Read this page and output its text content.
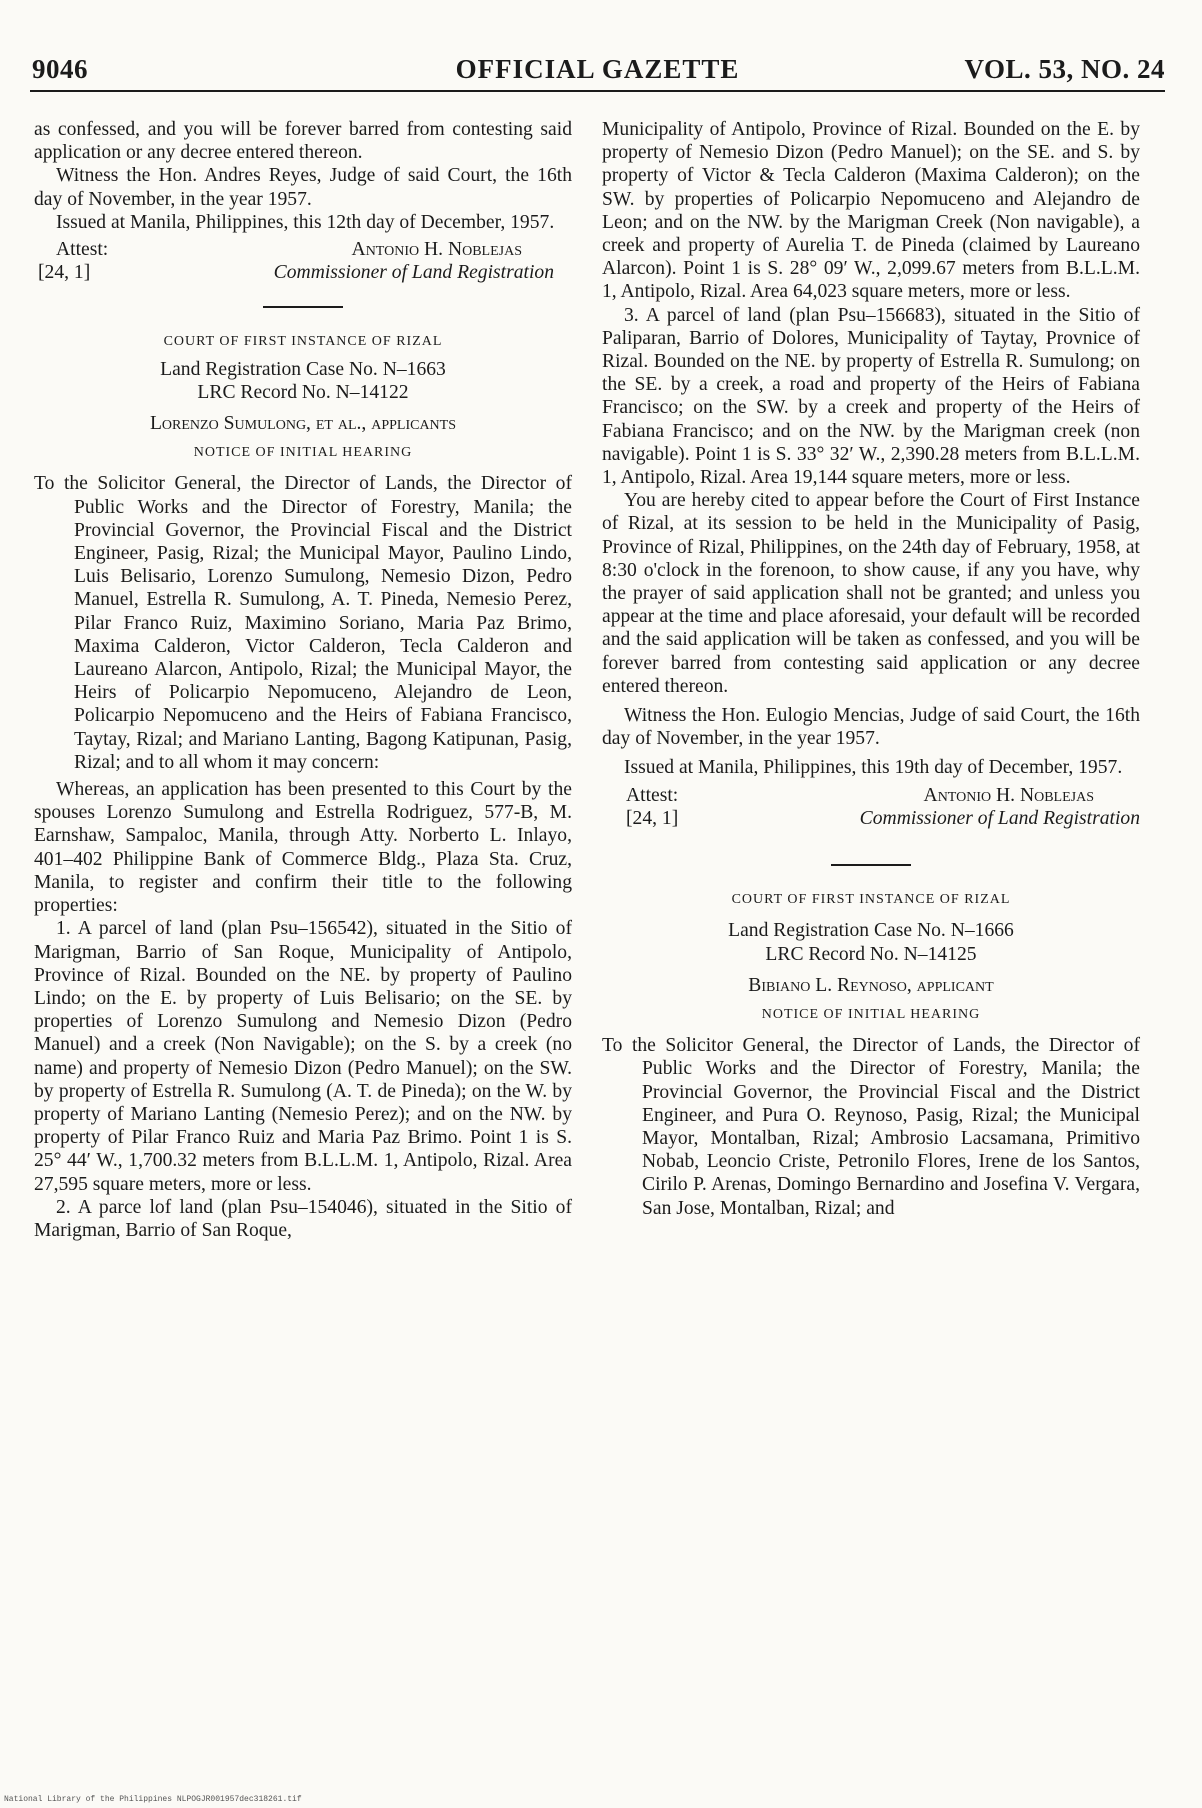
9046	OFFICIAL GAZETTE	VOL. 53, NO. 24

as confessed, and you will be forever barred from contesting said application or any decree entered thereon.

Witness the Hon. Andres Reyes, Judge of said Court, the 16th day of November, in the year 1957.

Issued at Manila, Philippines, this 12th day of December, 1957.

Attest:	Antonio H. Noblejas
[24, 1]	Commissioner of Land Registration

COURT OF FIRST INSTANCE OF RIZAL

Land Registration Case No. N–1663

LRC Record No. N–14122

Lorenzo Sumulong, et al., applicants

NOTICE OF INITIAL HEARING

To the Solicitor General, the Director of Lands, the Director of Public Works and the Director of Forestry, Manila; the Provincial Governor, the Provincial Fiscal and the District Engineer, Pasig, Rizal; the Municipal Mayor, Paulino Lindo, Luis Belisario, Lorenzo Sumulong, Nemesio Dizon, Pedro Manuel, Estrella R. Sumulong, A. T. Pineda, Nemesio Perez, Pilar Franco Ruiz, Maximino Soriano, Maria Paz Brimo, Maxima Calderon, Victor Calderon, Tecla Calderon and Laureano Alarcon, Antipolo, Rizal; the Municipal Mayor, the Heirs of Policarpio Nepomuceno, Alejandro de Leon, Policarpio Nepomuceno and the Heirs of Fabiana Francisco, Taytay, Rizal; and Mariano Lanting, Bagong Katipunan, Pasig, Rizal; and to all whom it may concern:

Whereas, an application has been presented to this Court by the spouses Lorenzo Sumulong and Estrella Rodriguez, 577-B, M. Earnshaw, Sampaloc, Manila, through Atty. Norberto L. Inlayo, 401–402 Philippine Bank of Commerce Bldg., Plaza Sta. Cruz, Manila, to register and confirm their title to the following properties:

1. A parcel of land (plan Psu–156542), situated in the Sitio of Marigman, Barrio of San Roque, Municipality of Antipolo, Province of Rizal. Bounded on the NE. by property of Paulino Lindo; on the E. by property of Luis Belisario; on the SE. by properties of Lorenzo Sumulong and Nemesio Dizon (Pedro Manuel) and a creek (Non Navigable); on the S. by a creek (no name) and property of Nemesio Dizon (Pedro Manuel); on the SW. by property of Estrella R. Sumulong (A. T. de Pineda); on the W. by property of Mariano Lanting (Nemesio Perez); and on the NW. by property of Pilar Franco Ruiz and Maria Paz Brimo. Point 1 is S. 25° 44′ W., 1,700.32 meters from B.L.L.M. 1, Antipolo, Rizal. Area 27,595 square meters, more or less.

2. A parce lof land (plan Psu–154046), situated in the Sitio of Marigman, Barrio of San Roque,

Municipality of Antipolo, Province of Rizal. Bounded on the E. by property of Nemesio Dizon (Pedro Manuel); on the SE. and S. by property of Victor & Tecla Calderon (Maxima Calderon); on the SW. by properties of Policarpio Nepomuceno and Alejandro de Leon; and on the NW. by the Marigman Creek (Non navigable), a creek and property of Aurelia T. de Pineda (claimed by Laureano Alarcon). Point 1 is S. 28° 09′ W., 2,099.67 meters from B.L.L.M. 1, Antipolo, Rizal. Area 64,023 square meters, more or less.

3. A parcel of land (plan Psu–156683), situated in the Sitio of Paliparan, Barrio of Dolores, Municipality of Taytay, Provnice of Rizal. Bounded on the NE. by property of Estrella R. Sumulong; on the SE. by a creek, a road and property of the Heirs of Fabiana Francisco; on the SW. by a creek and property of the Heirs of Fabiana Francisco; and on the NW. by the Marigman creek (non navigable). Point 1 is S. 33° 32′ W., 2,390.28 meters from B.L.L.M. 1, Antipolo, Rizal. Area 19,144 square meters, more or less.

You are hereby cited to appear before the Court of First Instance of Rizal, at its session to be held in the Municipality of Pasig, Province of Rizal, Philippines, on the 24th day of February, 1958, at 8:30 o'clock in the forenoon, to show cause, if any you have, why the prayer of said application shall not be granted; and unless you appear at the time and place aforesaid, your default will be recorded and the said application will be taken as confessed, and you will be forever barred from contesting said application or any decree entered thereon.

Witness the Hon. Eulogio Mencias, Judge of said Court, the 16th day of November, in the year 1957.

Issued at Manila, Philippines, this 19th day of December, 1957.

Attest:	Antonio H. Noblejas
[24, 1]	Commissioner of Land Registration

COURT OF FIRST INSTANCE OF RIZAL

Land Registration Case No. N–1666

LRC Record No. N–14125

Bibiano L. Reynoso, applicant

NOTICE OF INITIAL HEARING

To the Solicitor General, the Director of Lands, the Director of Public Works and the Director of Forestry, Manila; the Provincial Governor, the Provincial Fiscal and the District Engineer, and Pura O. Reynoso, Pasig, Rizal; the Municipal Mayor, Montalban, Rizal; Ambrosio Lacsamana, Primitivo Nobab, Leoncio Criste, Petronilo Flores, Irene de los Santos, Cirilo P. Arenas, Domingo Bernardino and Josefina V. Vergara, San Jose, Montalban, Rizal; and

National Library of the Philippines NLPOGJR001957dec318261.tif
